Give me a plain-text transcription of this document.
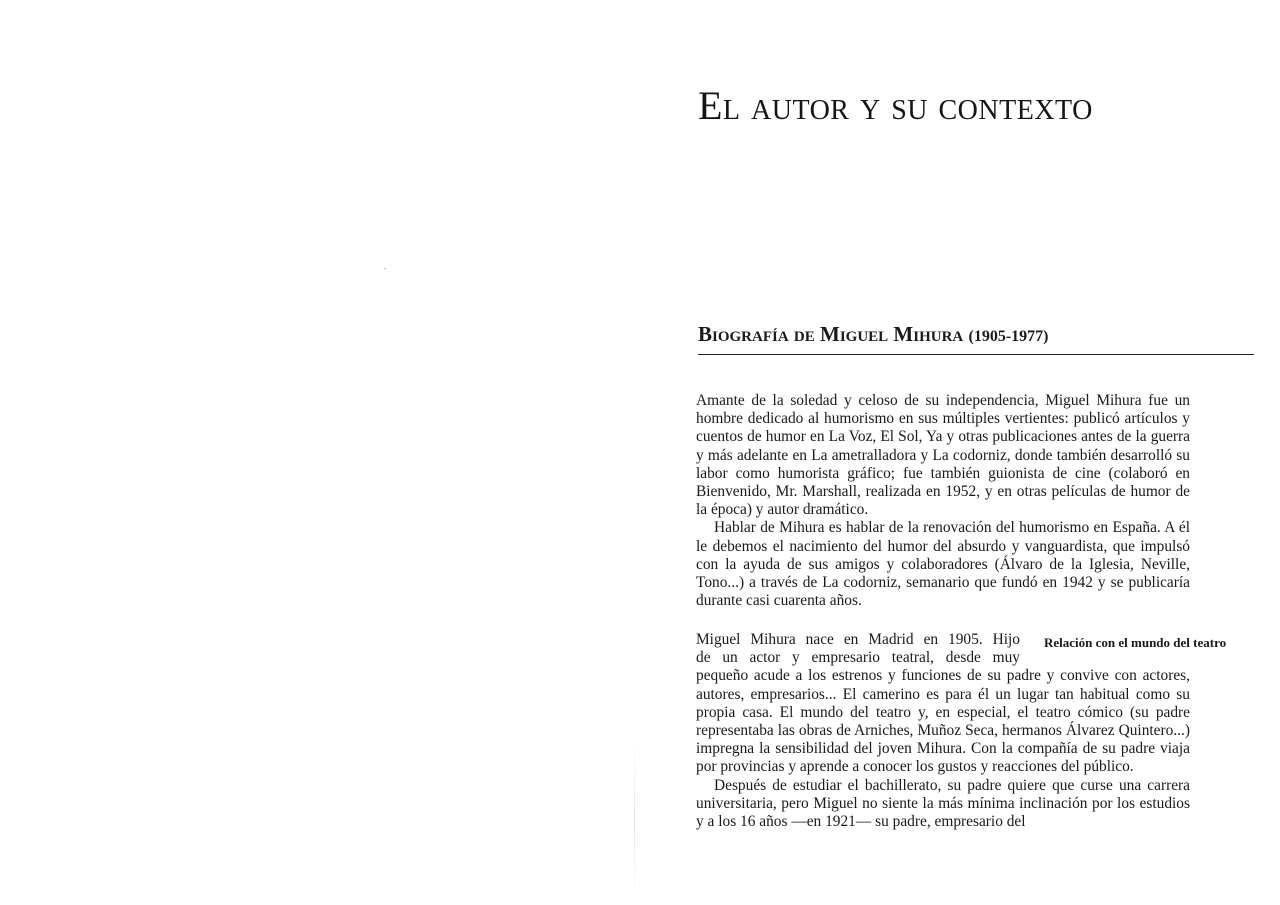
El autor y su contexto
Biografía de Miguel Mihura (1905-1977)

Amante de la soledad y celoso de su independencia, Miguel Mihura fue un hombre dedicado al humorismo en sus múltiples vertientes: publicó artículos y cuentos de humor en La Voz, El Sol, Ya y otras publicaciones antes de la guerra y más adelante en La ametralladora y La codorniz, donde también desarrolló su labor como humorista gráfico; fue también guionista de cine (colaboró en Bienvenido, Mr. Marshall, realizada en 1952, y en otras películas de humor de la época) y autor dramático.

Hablar de Mihura es hablar de la renovación del humorismo en España. A él le debemos el nacimiento del humor del absurdo y vanguardista, que impulsó con la ayuda de sus amigos y colaboradores (Álvaro de la Iglesia, Neville, Tono...) a través de La codorniz, semanario que fundó en 1942 y se publicaría durante casi cuarenta años.

Relación con el mundo del teatro

Miguel Mihura nace en Madrid en 1905. Hijo
de un actor y empresario teatral, desde muy
pequeño acude a los estrenos y funciones de su padre y convive con actores, autores, empresarios... El camerino es para él un lugar tan habitual como su propia casa. El mundo del teatro y, en especial, el teatro cómico (su padre representaba las obras de Arniches, Muñoz Seca, hermanos Álvarez Quintero...) impregna la sensibilidad del joven Mihura. Con la compañía de su padre viaja por provincias y aprende a conocer los gustos y reacciones del público.

Después de estudiar el bachillerato, su padre quiere que curse una carrera universitaria, pero Miguel no siente la más mínima inclinación por los estudios y a los 16 años —en 1921— su padre, empresario del
